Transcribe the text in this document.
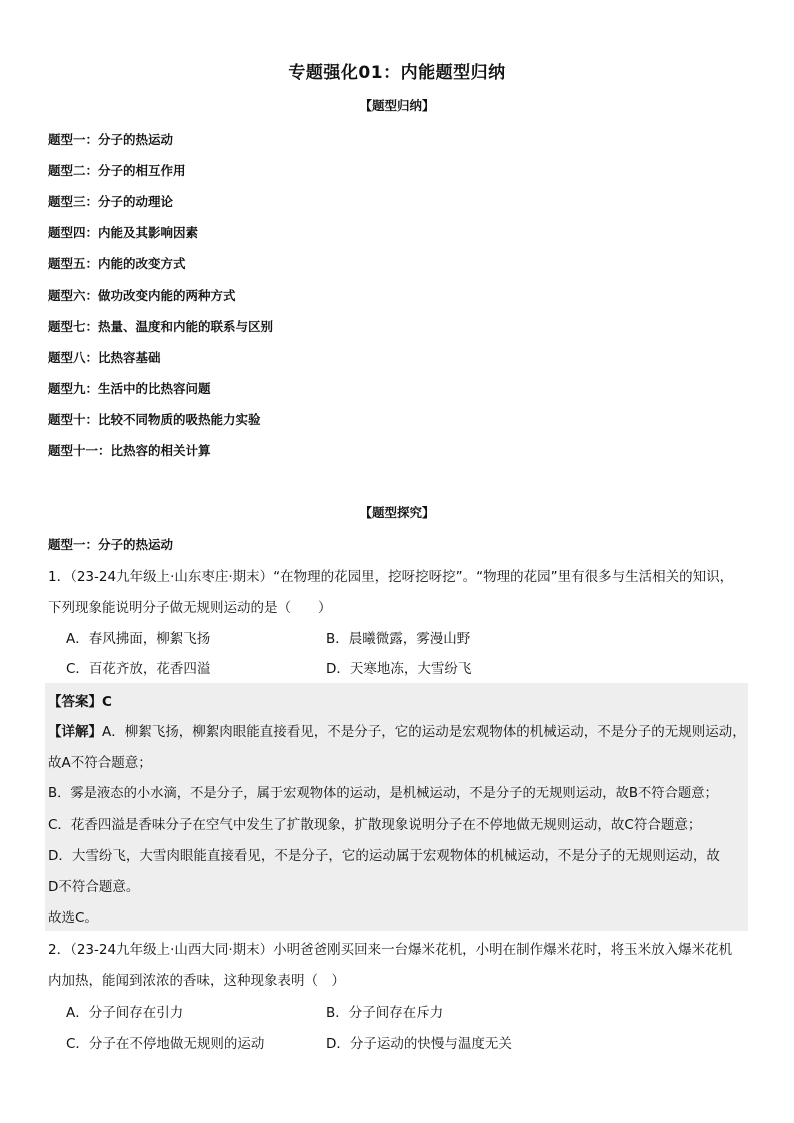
专题强化01：内能题型归纳
【题型归纳】
题型一：分子的热运动
题型二：分子的相互作用
题型三：分子的动理论
题型四：内能及其影响因素
题型五：内能的改变方式
题型六：做功改变内能的两种方式
题型七：热量、温度和内能的联系与区别
题型八：比热容基础
题型九：生活中的比热容问题
题型十：比较不同物质的吸热能力实验
题型十一：比热容的相关计算
【题型探究】
题型一：分子的热运动
1．（23-24九年级上·山东枣庄·期末）“在物理的花园里，挖呀挖呀挖”。“物理的花园”里有很多与生活相关的知识，
下列现象能说明分子做无规则运动的是（　　）
A．春风拂面，柳絮飞扬	B．晨曦微露，雾漫山野
C．百花齐放，花香四溢	D．天寒地冻，大雪纷飞
【答案】C
【详解】A．柳絮飞扬，柳絮肉眼能直接看见，不是分子，它的运动是宏观物体的机械运动，不是分子的无规则运动，
故A不符合题意；
B．雾是液态的小水滴，不是分子，属于宏观物体的运动，是机械运动，不是分子的无规则运动，故B不符合题意；
C．花香四溢是香味分子在空气中发生了扩散现象，扩散现象说明分子在不停地做无规则运动，故C符合题意；
D．大雪纷飞，大雪肉眼能直接看见，不是分子，它的运动属于宏观物体的机械运动，不是分子的无规则运动，故
D不符合题意。
故选C。
2．（23-24九年级上·山西大同·期末）小明爸爸刚买回来一台爆米花机，小明在制作爆米花时，将玉米放入爆米花机
内加热，能闻到浓浓的香味，这种现象表明（　）
A．分子间存在引力	B．分子间存在斥力
C．分子在不停地做无规则的运动	D．分子运动的快慢与温度无关
